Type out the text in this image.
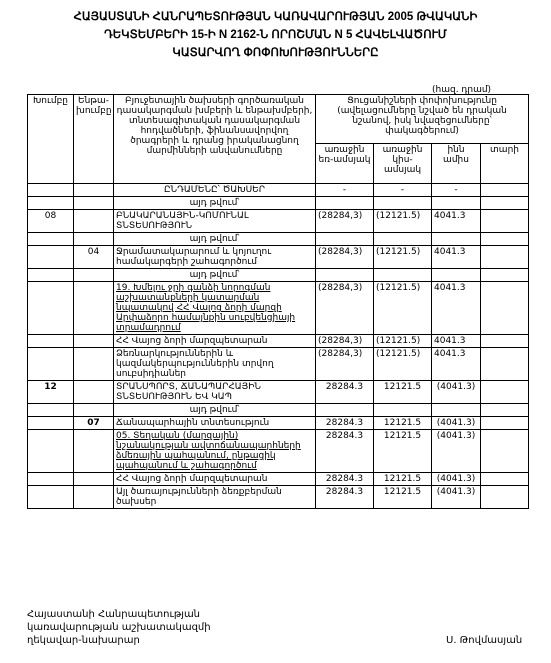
ՀԱՅԱՍՏԱՆԻ ՀԱՆՐԱՊԵՏՈՒԹՅԱՆ ԿԱՌԱՎԱՐՈՒԹՅԱՆ 2005 ԹՎԱԿԱՆԻ
ԴԵԿՏԵՄԲԵՐԻ 15-Ի N 2162-Ն ՈՐՈՇՄԱՆ N 5 ՀԱՎԵԼՎԱԾՈՒՄ
ԿԱՏԱՐՎՈՂ ՓՈՓՈԽՈՒԹՅՈՒՆՆԵՐԸ
(հազ. դրամ)
Խումբը	Ենթա-խումբը	Բյուջետային ծախսերի գործառական դասակարգման խմբերի և ենթախմբերի, տնտեսագիտական դասակարգման հոդվածների, ֆինանսավորվող ծրագրերի և դրանց իրականացնող մարմինների անվանումները	Ցուցանիշների փոփոխությունը (ավելացումները նշված են դրական նշանով, իսկ նվազեցումները՝ փակագծերում)			
			առաջին եռ-ամսյակ	առաջին կիս-ամսյակ	ինն ամիս	տարի
		ԸՆԴԱՄԵՆԸ՝ ԾԱԽՍԵՐ	-	-	-	
		այդ թվում՝				
08		ԲՆԱԿԱՐԱՆԱՅԻՆ-ԿՈՄՈՒՆԱԼ ՏՆՏԵՍՈՒԹՅՈՒՆ	(28284,3)	(12121.5)	4041.3	
		այդ թվում՝				
	04	Ջրամատակարարում և կոյուղու համակարգերի շահագործում	(28284,3)	(12121.5)	4041.3	
		այդ թվում՝				
		19. Խմելու ջրի գանձի նորոգման աշխատանքների կատարման նպատակով ՀՀ Վալոց ձորի մարզի Արփաձորո համայնքին սուբվենցիայի տրամադրում	(28284,3)	(12121.5)	4041.3	
		ՀՀ Վայոց ձորի մարզպետարան	(28284,3)	(12121.5)	4041.3	
		Ձեռնարկություններին և կազմակերպություններին տրվող սուբսիդիաներ	(28284,3)	(12121.5)	4041.3	
12		ՏՐԱՆՍՊՈՐՏ, ՃԱՆԱՊԱՐՀԱՅԻՆ ՏՆՏԵՍՈՒԹՅՈՒՆ ԵՎ ԿԱՊ	28284.3	12121.5	(4041.3)	
		այդ թվում՝				
	07	Ճանապարհային տնտեսություն	28284.3	12121.5	(4041.3)	
		05. Տեղական (մարզային) նշանակության ավտոճանապարհների ձմեռային պահպանում, ընթացիկ պահպանում և շահագործում	28284.3	12121.5	(4041.3)	
		ՀՀ Վայոց ձորի մարզպետարան	28284.3	12121.5	(4041.3)	
		Այլ ծառայությունների ձեռքբերման ծախսեր	28284.3	12121.5	(4041.3)	
Հայաստանի Հանրապետության
կառավարության աշխատակազմի
ղեկավար-նախարար	Ս. Թովմասյան
